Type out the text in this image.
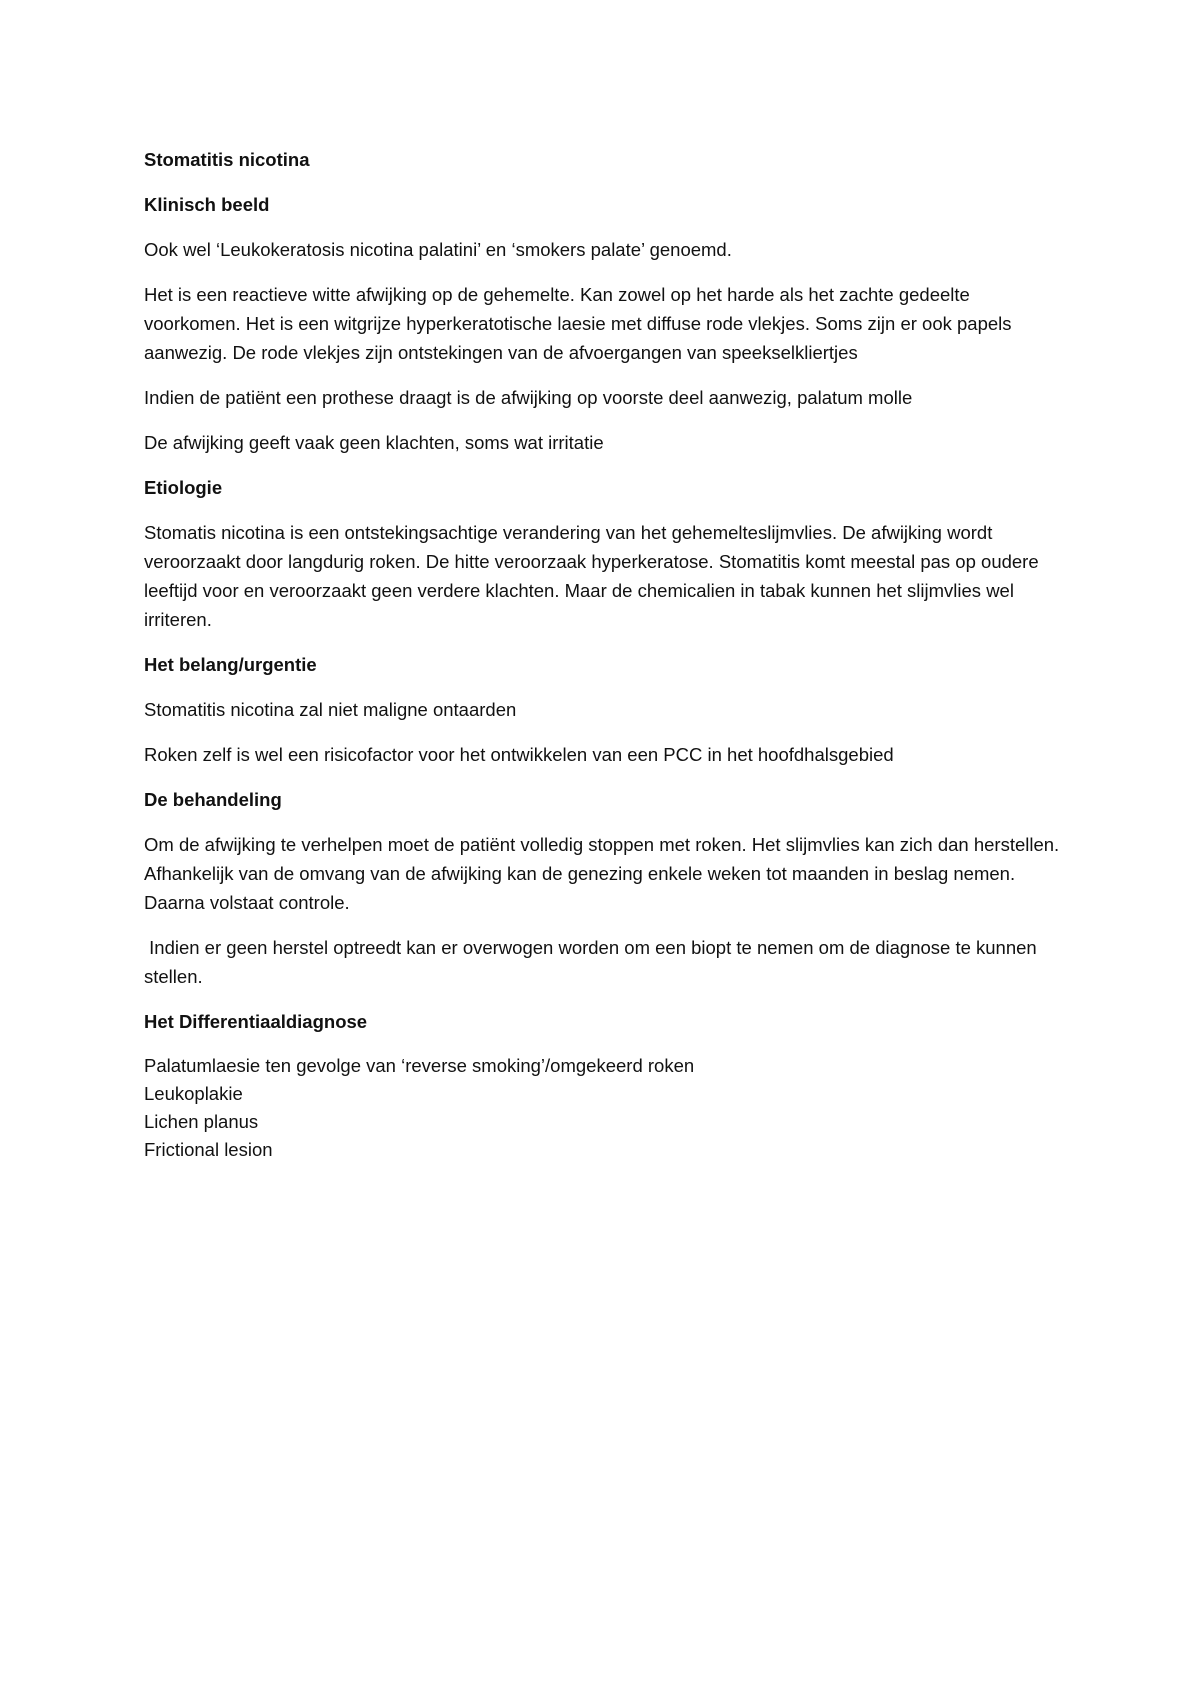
Stomatitis nicotina
Klinisch beeld

Ook wel ‘Leukokeratosis nicotina palatini’ en ‘smokers palate’ genoemd.

Het is een reactieve witte afwijking op de gehemelte. Kan zowel op het harde als het zachte gedeelte voorkomen. Het is een witgrijze hyperkeratotische laesie met diffuse rode vlekjes. Soms zijn er ook papels aanwezig. De rode vlekjes zijn ontstekingen van de afvoergangen van speekselkliertjes

Indien de patiënt een prothese draagt is de afwijking op voorste deel aanwezig, palatum molle

De afwijking geeft vaak geen klachten, soms wat irritatie

Etiologie

Stomatis nicotina is een ontstekingsachtige verandering van het gehemelteslijmvlies. De afwijking wordt veroorzaakt door langdurig roken. De hitte veroorzaak hyperkeratose. Stomatitis komt meestal pas op oudere leeftijd voor en veroorzaakt geen verdere klachten. Maar de chemicalien in tabak kunnen het slijmvlies wel irriteren.

Het belang/urgentie

Stomatitis nicotina zal niet maligne ontaarden

Roken zelf is wel een risicofactor voor het ontwikkelen van een PCC in het hoofdhalsgebied

De behandeling

Om de afwijking te verhelpen moet de patiënt volledig stoppen met roken. Het slijmvlies kan zich dan herstellen. Afhankelijk van de omvang van de afwijking kan de genezing enkele weken tot maanden in beslag nemen. Daarna volstaat controle.

Indien er geen herstel optreedt kan er overwogen worden om een biopt te nemen om de diagnose te kunnen stellen.

Het Differentiaaldiagnose
Palatumlaesie ten gevolge van ‘reverse smoking’/omgekeerd roken
Leukoplakie
Lichen planus
Frictional lesion
